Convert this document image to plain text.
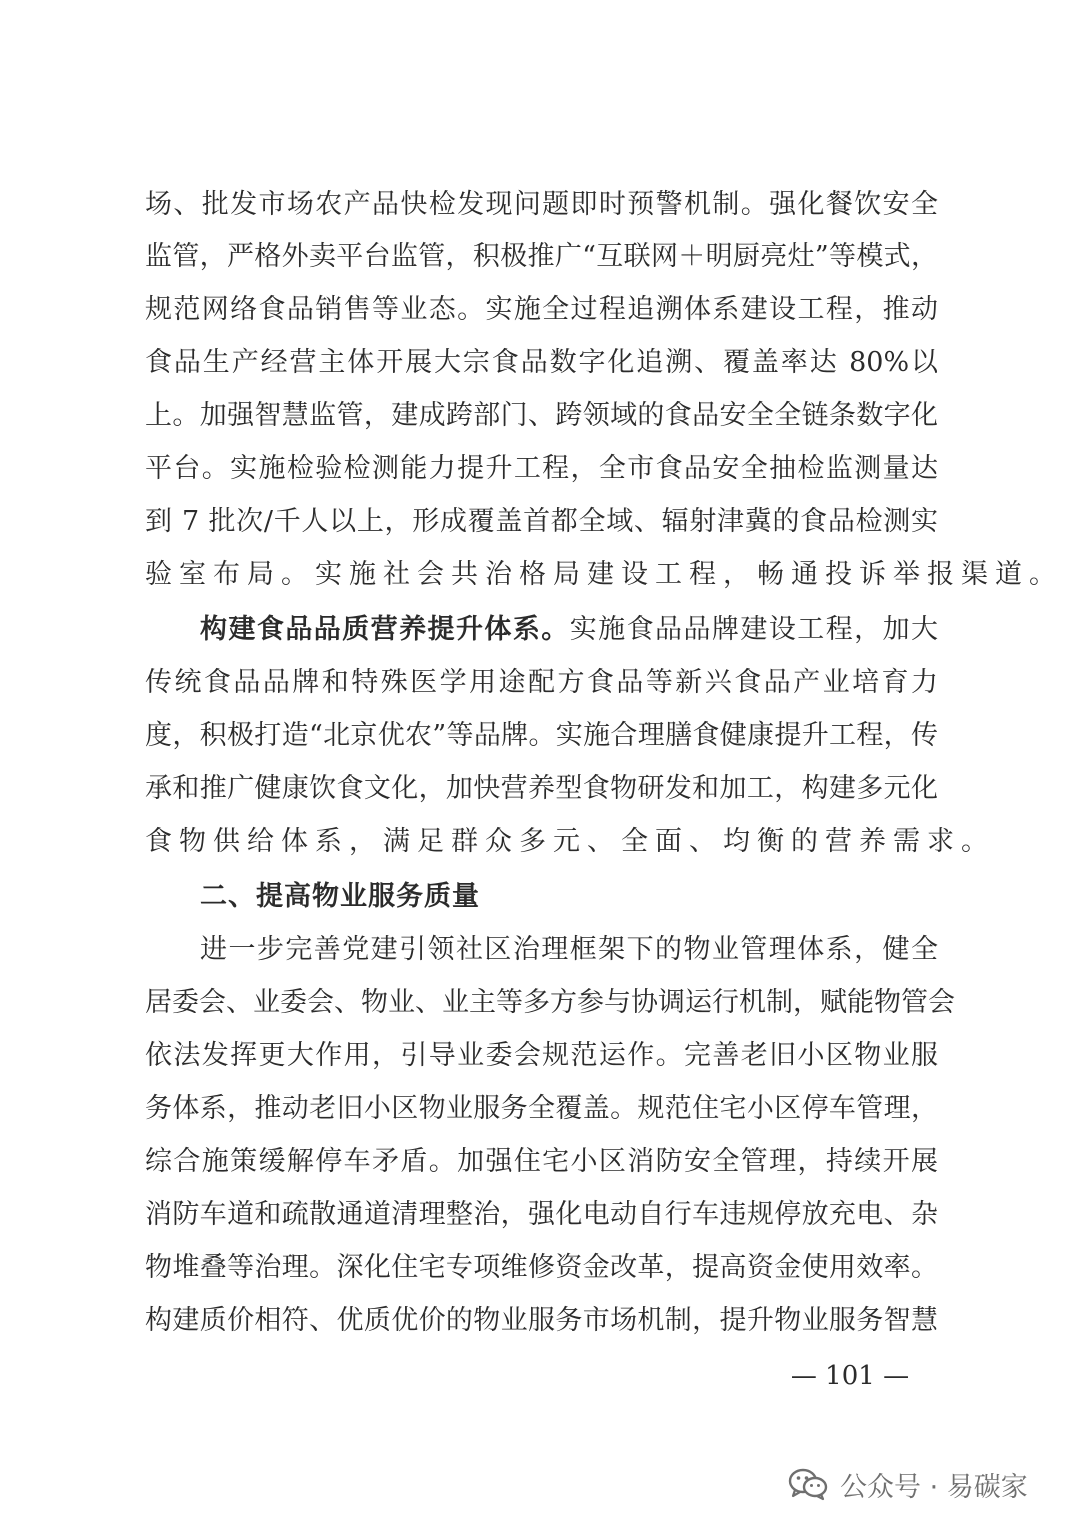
场、批发市场农产品快检发现问题即时预警机制。强化餐饮安全
监管，严格外卖平台监管，积极推广“互联网＋明厨亮灶”等模式，
规范网络食品销售等业态。实施全过程追溯体系建设工程，推动
食品生产经营主体开展大宗食品数字化追溯、覆盖率达 80%以
上。加强智慧监管，建成跨部门、跨领域的食品安全全链条数字化
平台。实施检验检测能力提升工程，全市食品安全抽检监测量达
到 7 批次/千人以上，形成覆盖首都全域、辐射津冀的食品检测实
验室布局。实施社会共治格局建设工程，畅通投诉举报渠道。
构建食品品质营养提升体系。实施食品品牌建设工程，加大
传统食品品牌和特殊医学用途配方食品等新兴食品产业培育力
度，积极打造“北京优农”等品牌。实施合理膳食健康提升工程，传
承和推广健康饮食文化，加快营养型食物研发和加工，构建多元化
食物供给体系，满足群众多元、全面、均衡的营养需求。
二、提高物业服务质量
进一步完善党建引领社区治理框架下的物业管理体系，健全
居委会、业委会、物业、业主等多方参与协调运行机制，赋能物管会
依法发挥更大作用，引导业委会规范运作。完善老旧小区物业服
务体系，推动老旧小区物业服务全覆盖。规范住宅小区停车管理，
综合施策缓解停车矛盾。加强住宅小区消防安全管理，持续开展
消防车道和疏散通道清理整治，强化电动自行车违规停放充电、杂
物堆叠等治理。深化住宅专项维修资金改革，提高资金使用效率。
构建质价相符、优质优价的物业服务市场机制，提升物业服务智慧
— 101 —
公众号 · 易碳家
